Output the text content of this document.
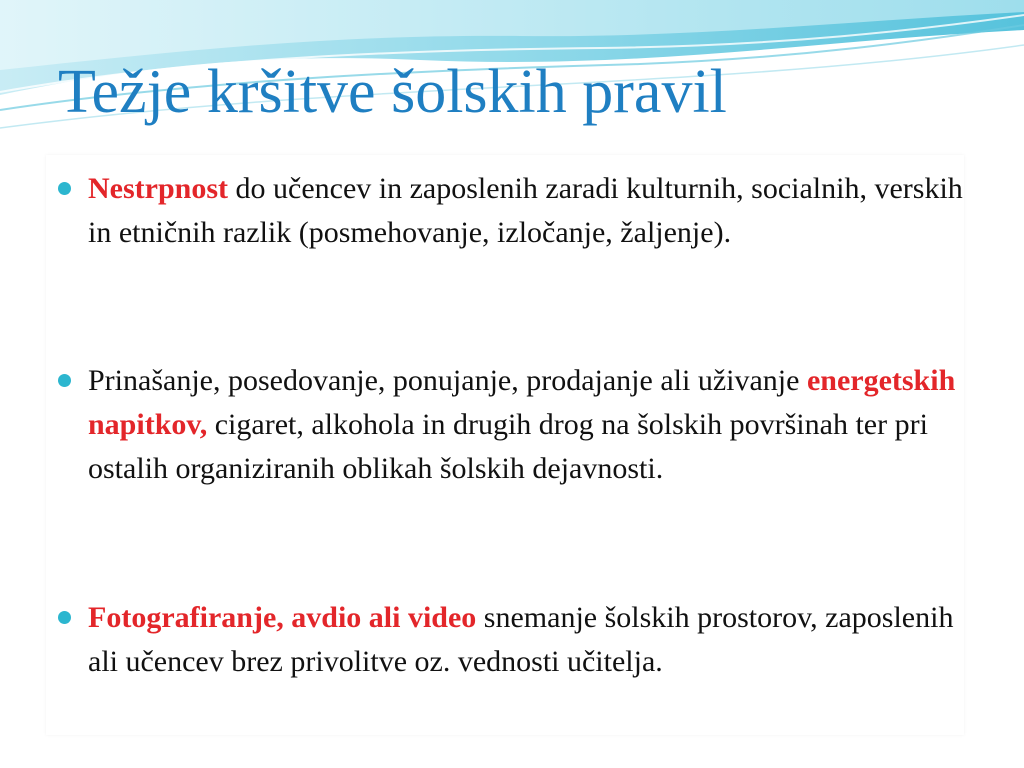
Težje kršitve šolskih pravil
Nestrpnost do učencev in zaposlenih zaradi kulturnih, socialnih, verskih in etničnih razlik (posmehovanje, izločanje, žaljenje).
Prinašanje, posedovanje, ponujanje, prodajanje ali uživanje energetskih napitkov, cigaret, alkohola in drugih drog na šolskih površinah ter pri ostalih organiziranih oblikah šolskih dejavnosti.
Fotografiranje, avdio ali video snemanje šolskih prostorov, zaposlenih ali učencev brez privolitve oz. vednosti učitelja.
